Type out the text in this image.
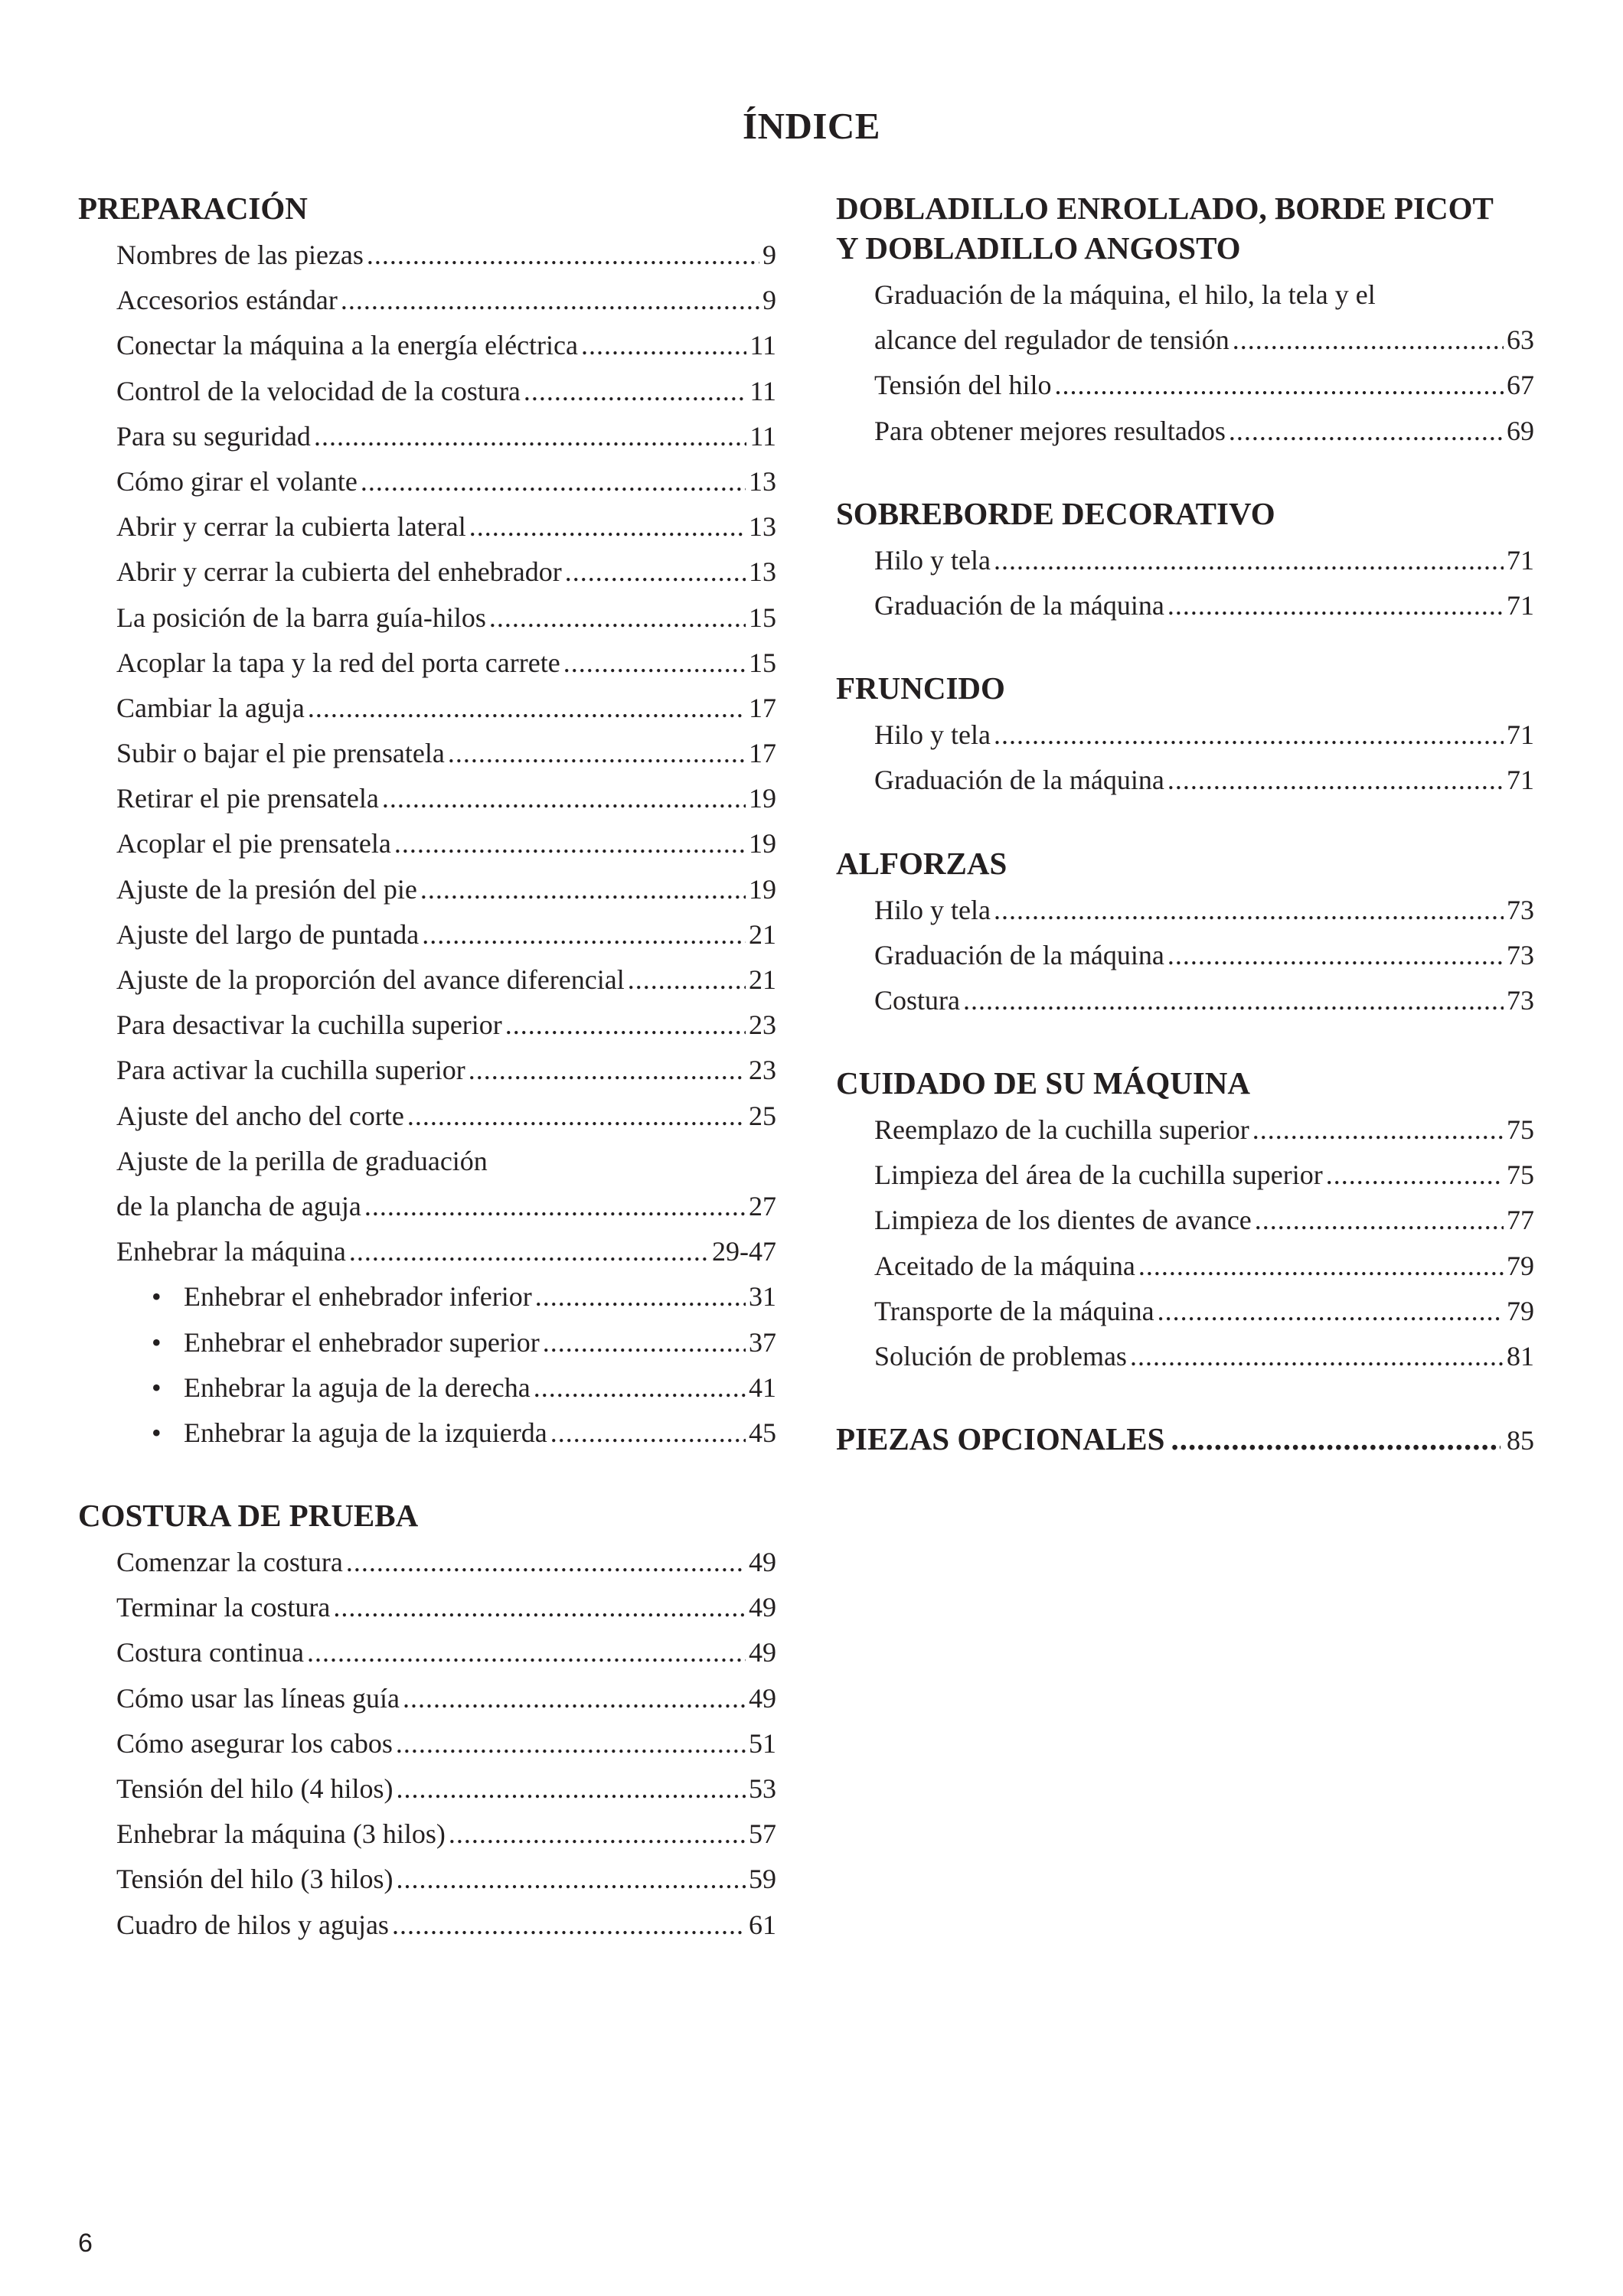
ÍNDICE
PREPARACIÓN
Nombres de las piezas .....	9
Accesorios estándar .....	9
Conectar la máquina a la energía eléctrica .....	11
Control de la velocidad de la costura .....	11
Para su seguridad .....	11
Cómo girar el volante .....	13
Abrir y cerrar la cubierta lateral .....	13
Abrir y cerrar la cubierta del enhebrador .....	13
La posición de la barra guía-hilos .....	15
Acoplar la tapa y la red del porta carrete .....	15
Cambiar la aguja .....	17
Subir o bajar el pie prensatela .....	17
Retirar el pie prensatela .....	19
Acoplar el pie prensatela .....	19
Ajuste de la presión del pie .....	19
Ajuste del largo de puntada .....	21
Ajuste de la proporción del avance diferencial .....	21
Para desactivar la cuchilla superior .....	23
Para activar la cuchilla superior .....	23
Ajuste del ancho del corte .....	25
Ajuste de la perilla de graduación
de la plancha de aguja .....	27
Enhebrar la máquina .....	29-47
• Enhebrar el enhebrador inferior .....	31
• Enhebrar el enhebrador superior .....	37
• Enhebrar la aguja de la derecha .....	41
• Enhebrar la aguja de la izquierda .....	45
COSTURA DE PRUEBA
Comenzar la costura .....	49
Terminar la costura .....	49
Costura continua .....	49
Cómo usar las líneas guía .....	49
Cómo asegurar los cabos .....	51
Tensión del hilo (4 hilos) .....	53
Enhebrar la máquina (3 hilos) .....	57
Tensión del hilo (3 hilos) .....	59
Cuadro de hilos y agujas .....	61
DOBLADILLO ENROLLADO, BORDE PICOT
Y DOBLADILLO ANGOSTO
Graduación de la máquina, el hilo, la tela y el
alcance del regulador de tensión .....	63
Tensión del hilo .....	67
Para obtener mejores resultados .....	69
SOBREBORDE DECORATIVO
Hilo y tela .....	71
Graduación de la máquina .....	71
FRUNCIDO
Hilo y tela .....	71
Graduación de la máquina .....	71
ALFORZAS
Hilo y tela .....	73
Graduación de la máquina .....	73
Costura .....	73
CUIDADO DE SU MÁQUINA
Reemplazo de la cuchilla superior .....	75
Limpieza del área de la cuchilla superior .....	75
Limpieza de los dientes de avance .....	77
Aceitado de la máquina .....	79
Transporte de la máquina .....	79
Solución de problemas .....	81
PIEZAS OPCIONALES .....	85
6
